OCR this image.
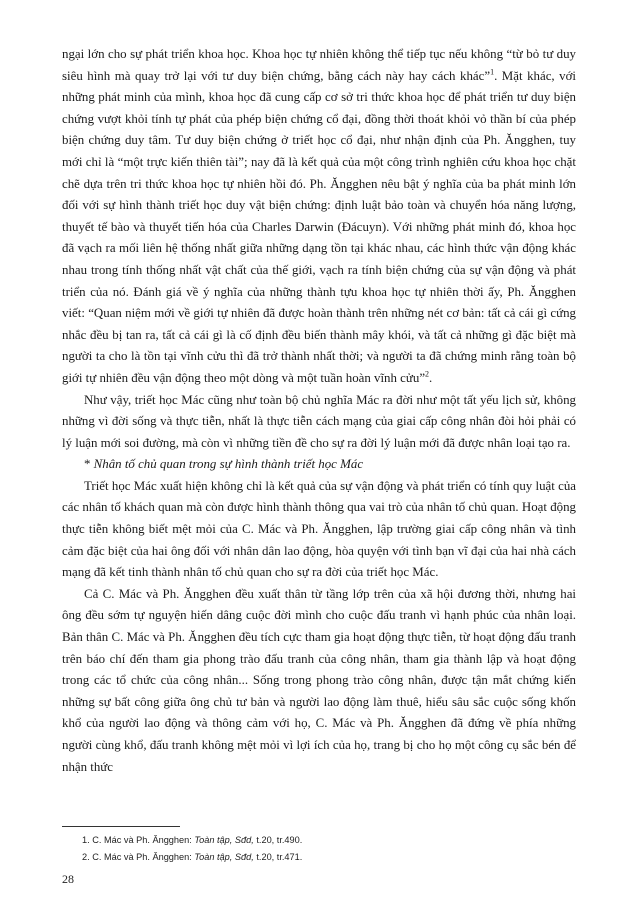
ngại lớn cho sự phát triển khoa học. Khoa học tự nhiên không thể tiếp tục nếu không “từ bỏ tư duy siêu hình mà quay trở lại với tư duy biện chứng, bằng cách này hay cách khác”$^1$. Mặt khác, với những phát minh của mình, khoa học đã cung cấp cơ sở tri thức khoa học để phát triển tư duy biện chứng vượt khỏi tính tự phát của phép biện chứng cổ đại, đồng thời thoát khỏi vỏ thần bí của phép biện chứng duy tâm. Tư duy biện chứng ở triết học cổ đại, như nhận định của Ph. Ăngghen, tuy mới chỉ là “một trực kiến thiên tài”; nay đã là kết quả của một công trình nghiên cứu khoa học chặt chẽ dựa trên tri thức khoa học tự nhiên hồi đó. Ph. Ăngghen nêu bật ý nghĩa của ba phát minh lớn đối với sự hình thành triết học duy vật biện chứng: định luật bảo toàn và chuyển hóa năng lượng, thuyết tế bào và thuyết tiến hóa của Charles Darwin (Đácuyn). Với những phát minh đó, khoa học đã vạch ra mối liên hệ thống nhất giữa những dạng tồn tại khác nhau, các hình thức vận động khác nhau trong tính thống nhất vật chất của thế giới, vạch ra tính biện chứng của sự vận động và phát triển của nó. Đánh giá về ý nghĩa của những thành tựu khoa học tự nhiên thời ấy, Ph. Ăngghen viết: “Quan niệm mới về giới tự nhiên đã được hoàn thành trên những nét cơ bản: tất cả cái gì cứng nhắc đều bị tan ra, tất cả cái gì là cố định đều biến thành mây khói, và tất cả những gì đặc biệt mà người ta cho là tồn tại vĩnh cửu thì đã trở thành nhất thời; và người ta đã chứng minh rằng toàn bộ giới tự nhiên đều vận động theo một dòng và một tuần hoàn vĩnh cửu”$^2$.

Như vậy, triết học Mác cũng như toàn bộ chủ nghĩa Mác ra đời như một tất yếu lịch sử, không những vì đời sống và thực tiễn, nhất là thực tiễn cách mạng của giai cấp công nhân đòi hỏi phải có lý luận mới soi đường, mà còn vì những tiền đề cho sự ra đời lý luận mới đã được nhân loại tạo ra.

* Nhân tố chủ quan trong sự hình thành triết học Mác

Triết học Mác xuất hiện không chỉ là kết quả của sự vận động và phát triển có tính quy luật của các nhân tố khách quan mà còn được hình thành thông qua vai trò của nhân tố chủ quan. Hoạt động thực tiễn không biết mệt mỏi của C. Mác và Ph. Ăngghen, lập trường giai cấp công nhân và tình cảm đặc biệt của hai ông đối với nhân dân lao động, hòa quyện với tình bạn vĩ đại của hai nhà cách mạng đã kết tinh thành nhân tố chủ quan cho sự ra đời của triết học Mác.

Cả C. Mác và Ph. Ăngghen đều xuất thân từ tầng lớp trên của xã hội đương thời, nhưng hai ông đều sớm tự nguyện hiến dâng cuộc đời mình cho cuộc đấu tranh vì hạnh phúc của nhân loại. Bản thân C. Mác và Ph. Ăngghen đều tích cực tham gia hoạt động thực tiễn, từ hoạt động đấu tranh trên báo chí đến tham gia phong trào đấu tranh của công nhân, tham gia thành lập và hoạt động trong các tổ chức của công nhân... Sống trong phong trào công nhân, được tận mắt chứng kiến những sự bất công giữa ông chủ tư bản và người lao động làm thuê, hiểu sâu sắc cuộc sống khốn khổ của người lao động và thông cảm với họ, C. Mác và Ph. Ăngghen đã đứng về phía những người cùng khổ, đấu tranh không mệt mỏi vì lợi ích của họ, trang bị cho họ một công cụ sắc bén để nhận thức

1. C. Mác và Ph. Ăngghen: Toàn tập, Sđd, t.20, tr.490.
2. C. Mác và Ph. Ăngghen: Toàn tập, Sđd, t.20, tr.471.
28
